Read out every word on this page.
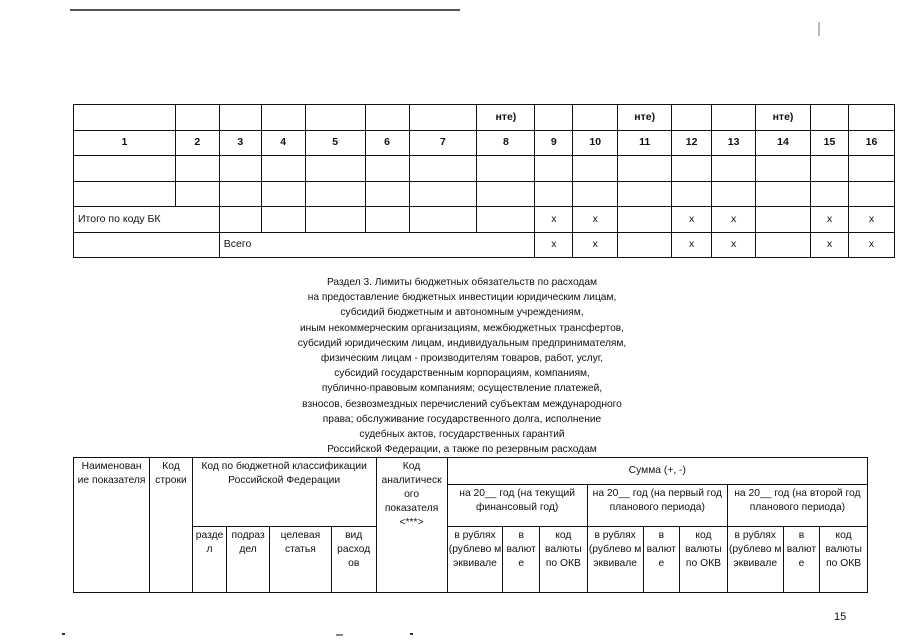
							нте)			нте)			нте)		
1	2	3	4	5	6	7	8	9	10	11	12	13	14	15	16

Итого по коду БК								x	x		x	x		x	x
		Всего						x	x		x	x		x	x
Раздел 3. Лимиты бюджетных обязательств по расходам
на предоставление бюджетных инвестиции юридическим лицам,
субсидий бюджетным и автономным учреждениям,
иным некоммерческим организациям, межбюджетных трансфертов,
субсидий юридическим лицам, индивидуальным предпринимателям,
физическим лицам - производителям товаров, работ, услуг,
субсидий государственным корпорациям, компаниям,
публично-правовым компаниям; осуществление платежей,
взносов, безвозмездных перечислений субъектам международного
права; обслуживание государственного долга, исполнение
судебных актов, государственных гарантий
Российской Федерации, а также по резервным расходам
Наименован ие показателя	Код строки	Код по бюджетной классификации Российской Федерации				Код аналитическ ого показателя <***>	Сумма (+, -)								
							на 20__ год (на текущий финансовый год)			на 20__ год (на первый год планового периода)			на 20__ год (на второй год планового периода)		
		разде л	подраз дел	целевая статья	вид расход ов		в рублях (рублево м эквивале	в валют е	код валюты по ОКВ	в рублях (рублево м эквивале	в валют е	код валюты по ОКВ	в рублях (рублево м эквивале	в валют е	код валюты по ОКВ
15
